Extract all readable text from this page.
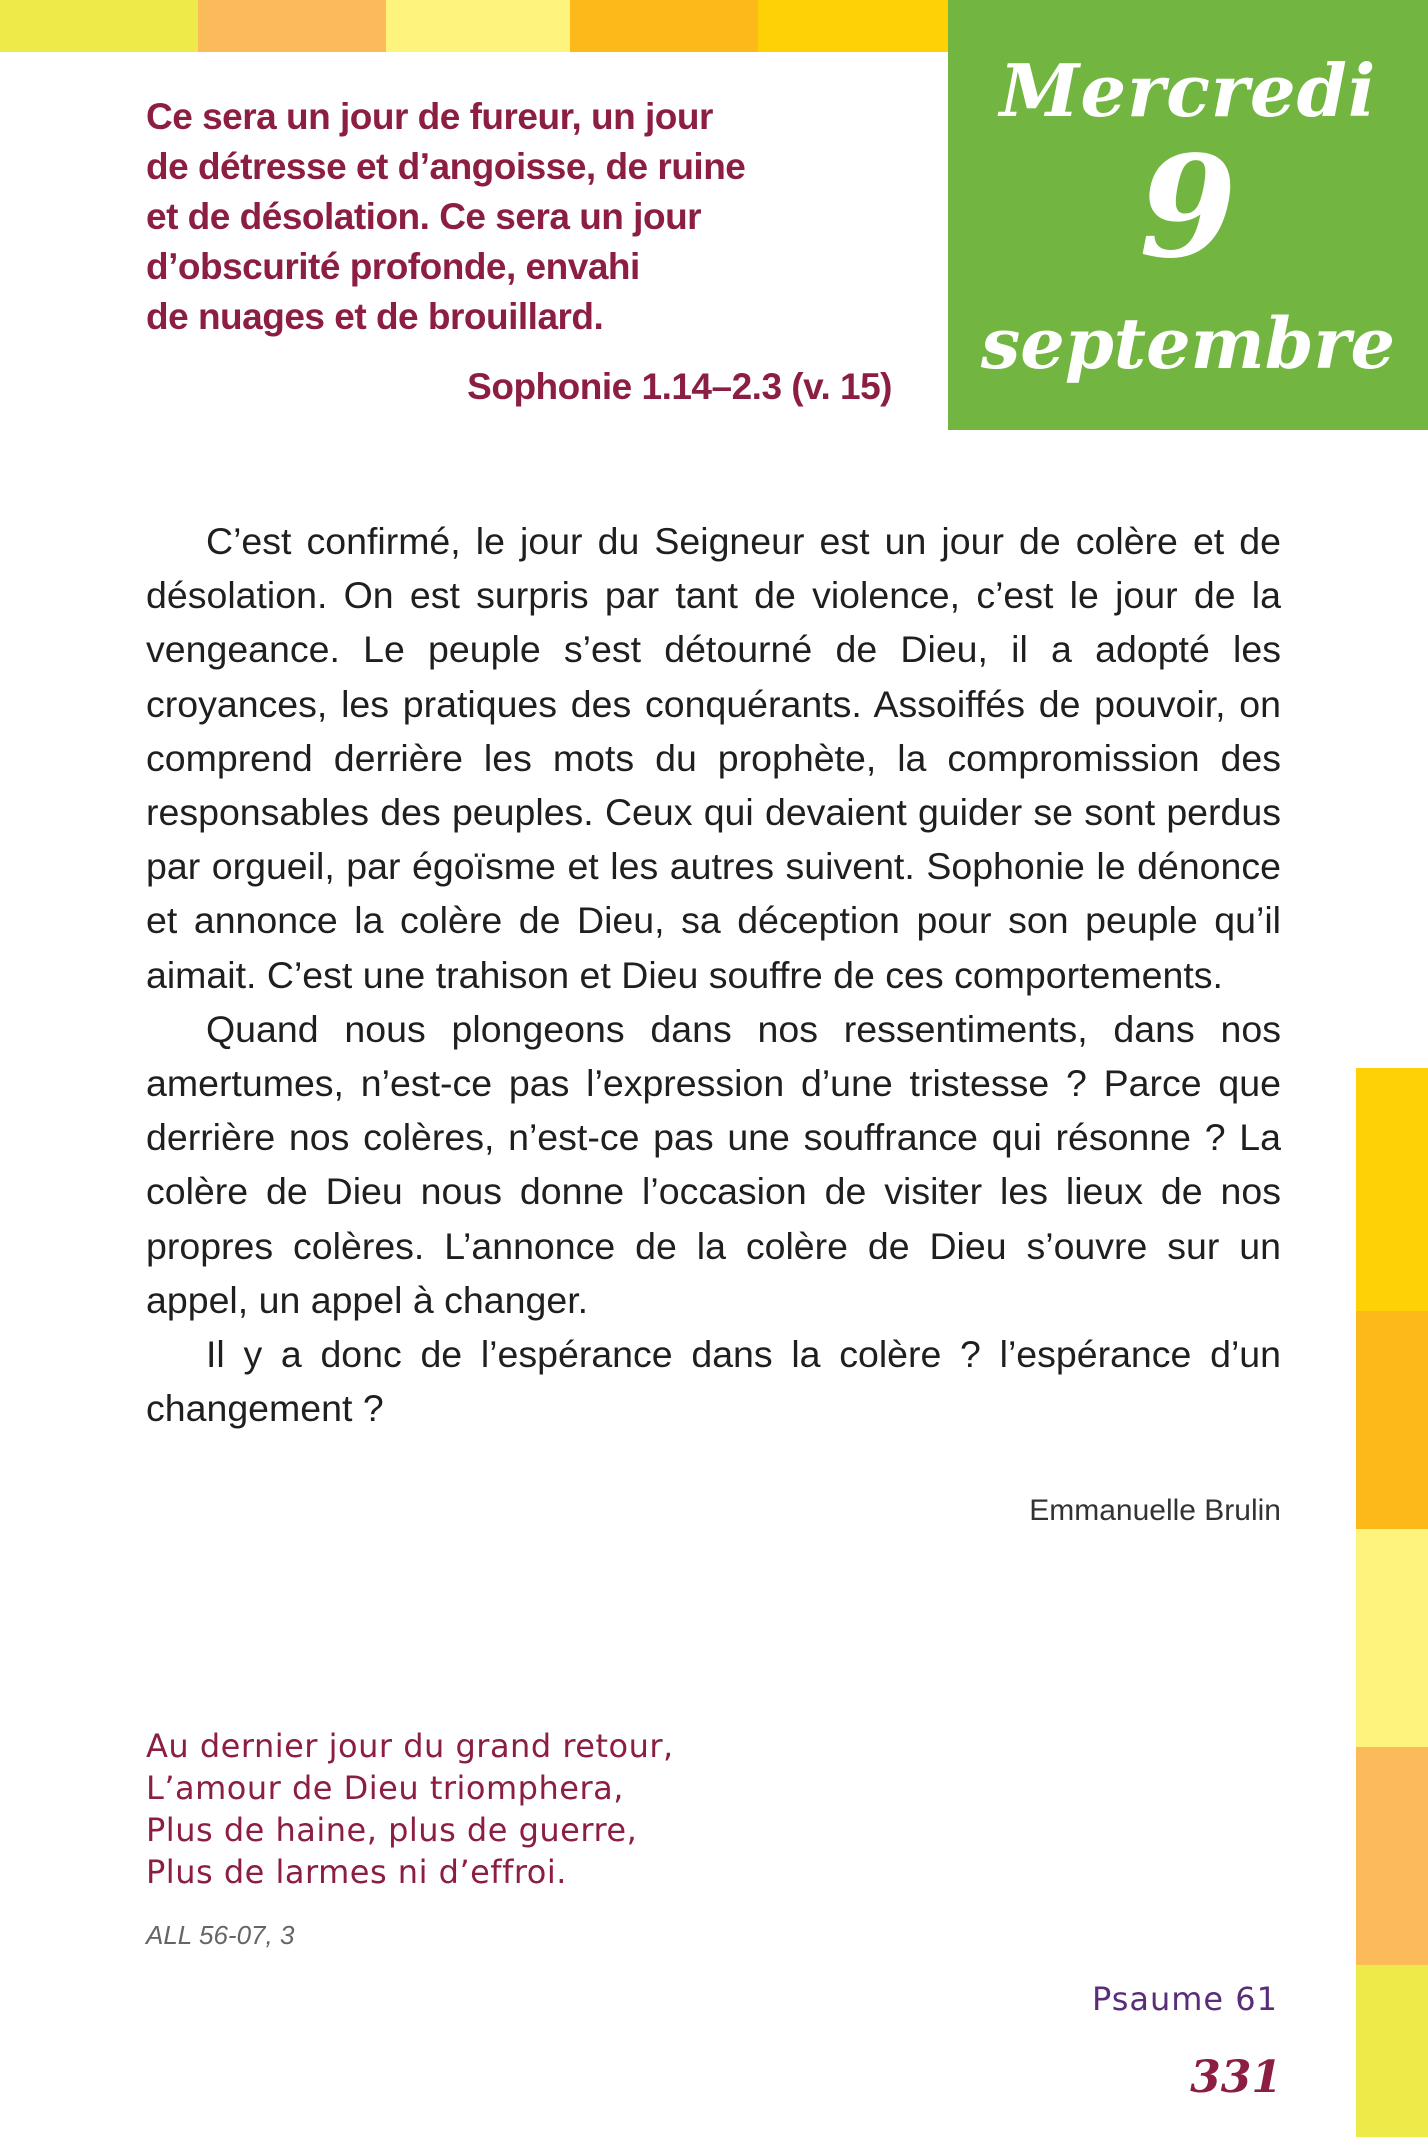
Mercredi
9
septembre
Ce sera un jour de fureur, un jour
de détresse et d’angoisse, de ruine
et de désolation. Ce sera un jour
d’obscurité profonde, envahi
de nuages et de brouillard.
Sophonie 1.14–2.3 (v. 15)

C’est confirmé, le jour du Seigneur est un jour de colère et de désolation. On est surpris par tant de violence, c’est le jour de la vengeance. Le peuple s’est détourné de Dieu, il a adopté les croyances, les pratiques des conquérants. Assoiffés de pouvoir, on comprend derrière les mots du prophète, la compromission des responsables des peuples. Ceux qui devaient guider se sont perdus par orgueil, par égoïsme et les autres suivent. Sophonie le dénonce et annonce la colère de Dieu, sa déception pour son peuple qu’il aimait. C’est une trahison et Dieu souffre de ces comportements.

Quand nous plongeons dans nos ressentiments, dans nos amertumes, n’est-ce pas l’expression d’une tristesse ? Parce que derrière nos colères, n’est-ce pas une souffrance qui résonne ? La colère de Dieu nous donne l’occasion de visiter les lieux de nos propres colères. L’annonce de la colère de Dieu s’ouvre sur un appel, un appel à changer.

Il y a donc de l’espérance dans la colère ? l’espérance d’un changement ?

Emmanuelle Brulin
Au dernier jour du grand retour,
L’amour de Dieu triomphera,
Plus de haine, plus de guerre,
Plus de larmes ni d’effroi.
ALL 56-07, 3
Psaume 61
331
